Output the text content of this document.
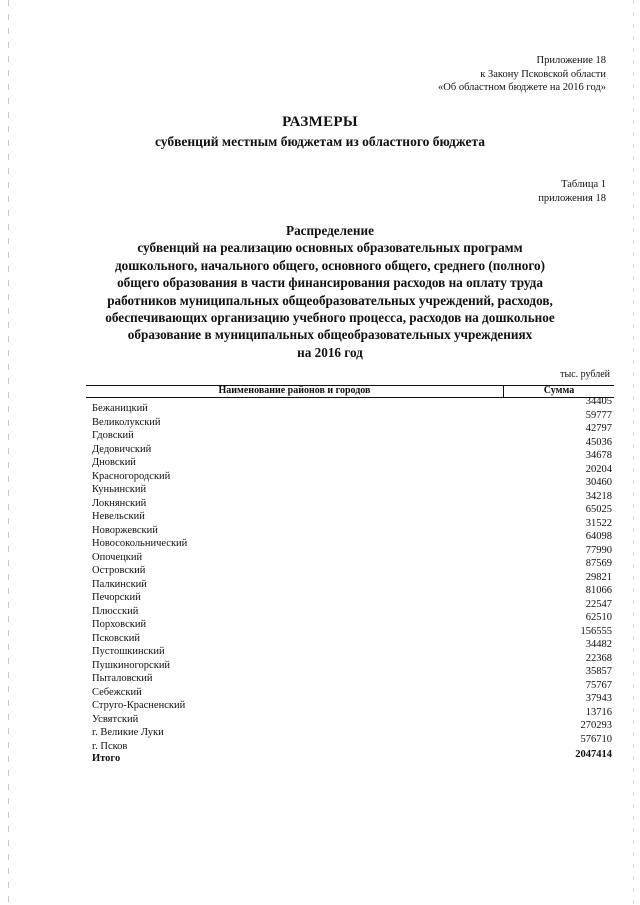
Приложение 18
к Закону Псковской области
«Об областном бюджете на 2016 год»
РАЗМЕРЫ
субвенций местным бюджетам из областного бюджета
Таблица 1
приложения 18
Распределение
субвенций на реализацию основных образовательных программ
дошкольного, начального общего, основного общего, среднего (полного)
общего образования в части финансирования расходов на оплату труда
работников муниципальных общеобразовательных учреждений, расходов,
обеспечивающих организацию учебного процесса, расходов на дошкольное
образование в муниципальных общеобразовательных учреждениях
на 2016 год
тыс. рублей
Наименование районов и городов	Сумма
Бежаницкий
34405
Великолукский
59777
Гдовский
42797
Дедовичский
45036
Дновский
34678
Красногородский
20204
Куньинский
30460
Локнянский
34218
Невельский
65025
Новоржевский
31522
Новосокольнический
64098
Опочецкий
77990
Островский
87569
Палкинский
29821
Печорский
81066
Плюсский
22547
Порховский
62510
Псковский
156555
Пустошкинский
34482
Пушкиногорский
22368
Пыталовский
35857
Себежский
75767
Струго-Красненский
37943
Усвятский
13716
г. Великие Луки
270293
г. Псков
576710
Итого	2047414
